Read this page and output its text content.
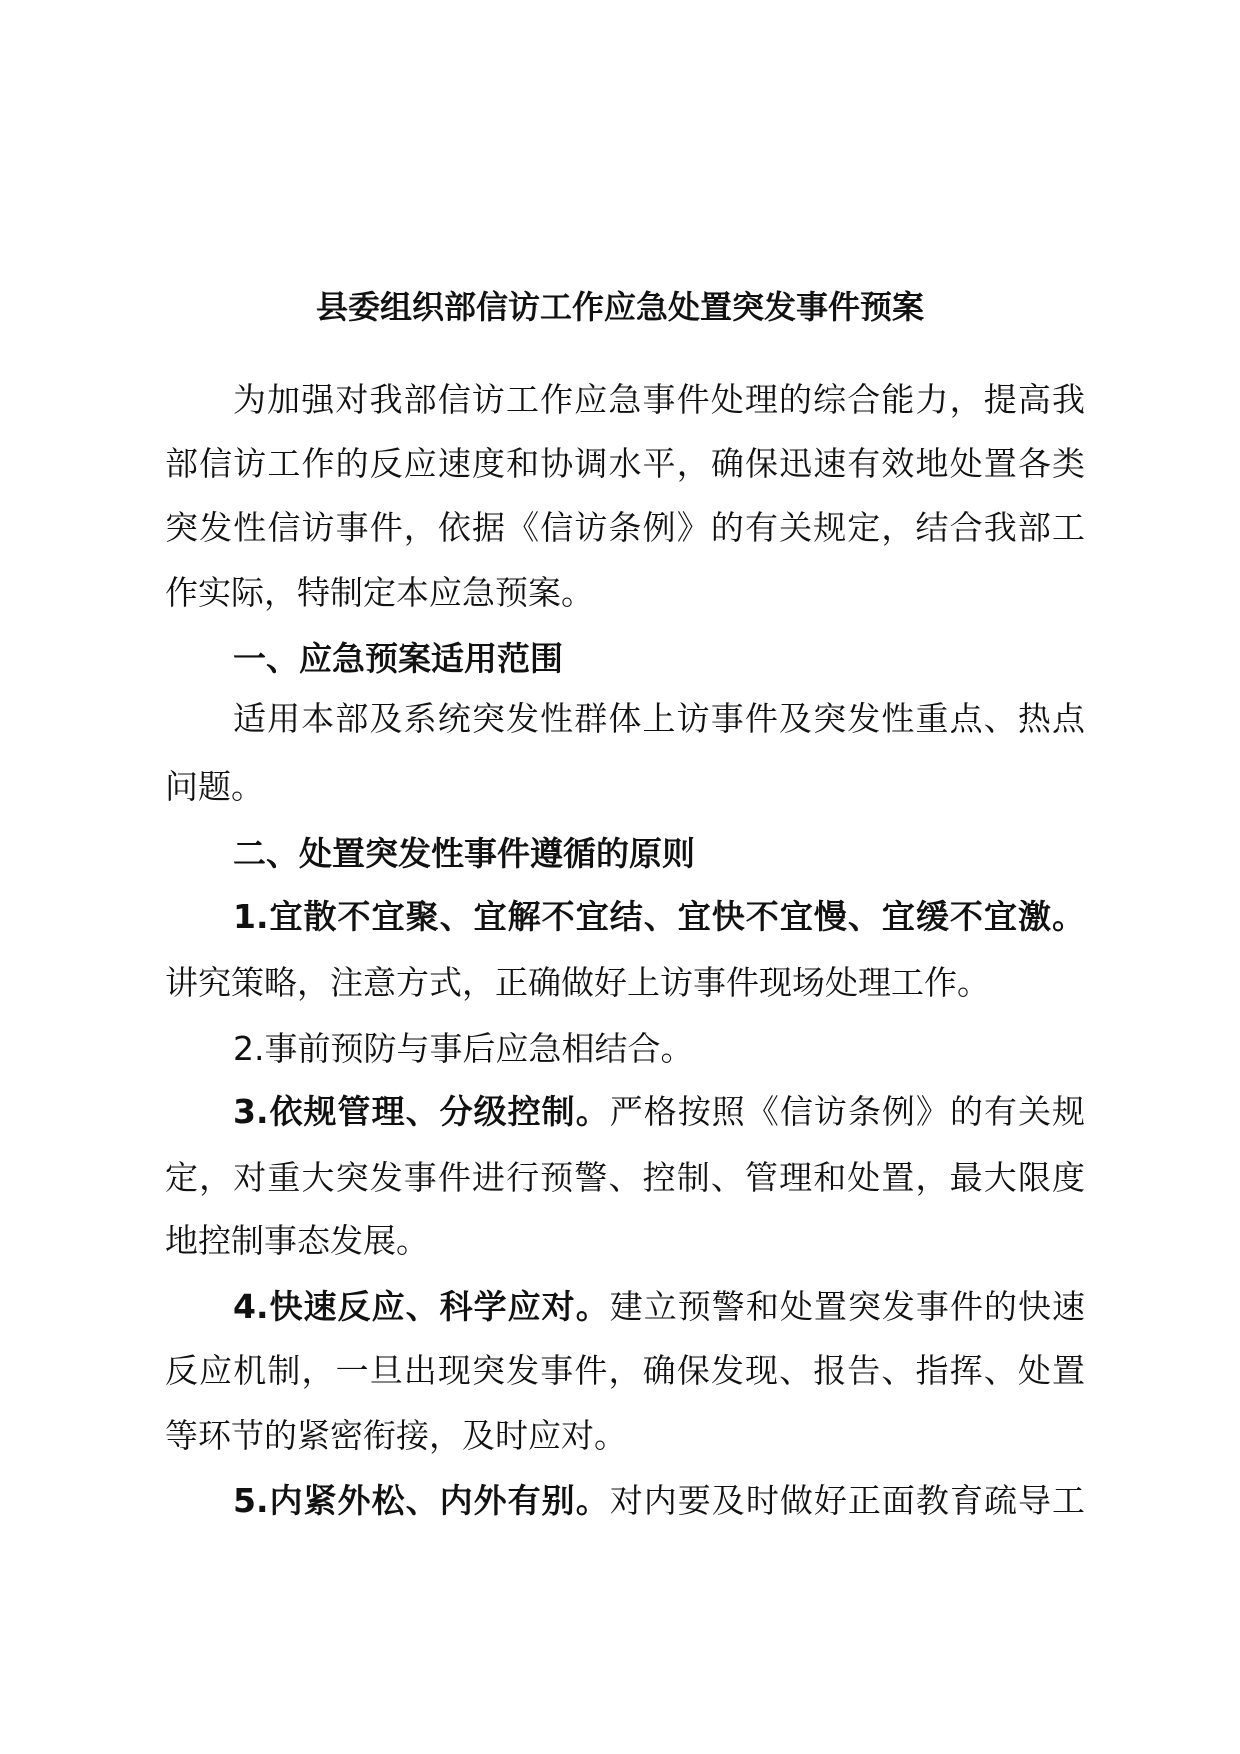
县委组织部信访工作应急处置突发事件预案
为加强对我部信访工作应急事件处理的综合能力，提高我
部信访工作的反应速度和协调水平，确保迅速有效地处置各类
突发性信访事件，依据《信访条例》的有关规定，结合我部工
作实际，特制定本应急预案。
一、应急预案适用范围
适用本部及系统突发性群体上访事件及突发性重点、热点
问题。
二、处置突发性事件遵循的原则
1.宜散不宜聚、宜解不宜结、宜快不宜慢、宜缓不宜激。
讲究策略，注意方式，正确做好上访事件现场处理工作。
2.事前预防与事后应急相结合。
3.依规管理、分级控制。严格按照《信访条例》的有关规
定，对重大突发事件进行预警、控制、管理和处置，最大限度
地控制事态发展。
4.快速反应、科学应对。建立预警和处置突发事件的快速
反应机制，一旦出现突发事件，确保发现、报告、指挥、处置
等环节的紧密衔接，及时应对。
5.内紧外松、内外有别。对内要及时做好正面教育疏导工
